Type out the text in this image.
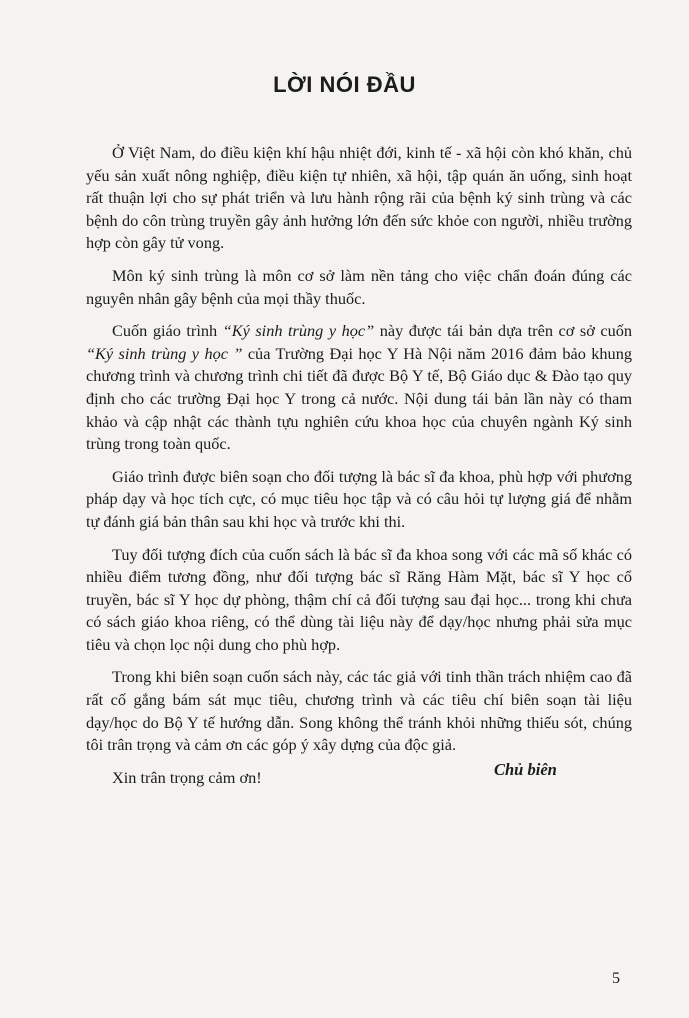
LỜI NÓI ĐẦU

Ở Việt Nam, do điều kiện khí hậu nhiệt đới, kinh tế - xã hội còn khó khăn, chủ yếu sản xuất nông nghiệp, điều kiện tự nhiên, xã hội, tập quán ăn uống, sinh hoạt rất thuận lợi cho sự phát triển và lưu hành rộng rãi của bệnh ký sinh trùng và các bệnh do côn trùng truyền gây ảnh hưởng lớn đến sức khỏe con người, nhiều trường hợp còn gây tử vong.

Môn ký sinh trùng là môn cơ sở làm nền tảng cho việc chẩn đoán đúng các nguyên nhân gây bệnh của mọi thầy thuốc.

Cuốn giáo trình “Ký sinh trùng y học” này được tái bản dựa trên cơ sở cuốn “Ký sinh trùng y học ” của Trường Đại học Y Hà Nội năm 2016 đảm bảo khung chương trình và chương trình chi tiết đã được Bộ Y tế, Bộ Giáo dục & Đào tạo quy định cho các trường Đại học Y trong cả nước. Nội dung tái bản lần này có tham khảo và cập nhật các thành tựu nghiên cứu khoa học của chuyên ngành Ký sinh trùng trong toàn quốc.

Giáo trình được biên soạn cho đối tượng là bác sĩ đa khoa, phù hợp với phương pháp dạy và học tích cực, có mục tiêu học tập và có câu hỏi tự lượng giá để nhằm tự đánh giá bản thân sau khi học và trước khi thi.

Tuy đối tượng đích của cuốn sách là bác sĩ đa khoa song với các mã số khác có nhiều điểm tương đồng, như đối tượng bác sĩ Răng Hàm Mặt, bác sĩ Y học cổ truyền, bác sĩ Y học dự phòng, thậm chí cả đối tượng sau đại học... trong khi chưa có sách giáo khoa riêng, có thể dùng tài liệu này để dạy/học nhưng phải sửa mục tiêu và chọn lọc nội dung cho phù hợp.

Trong khi biên soạn cuốn sách này, các tác giả với tinh thần trách nhiệm cao đã rất cố gắng bám sát mục tiêu, chương trình và các tiêu chí biên soạn tài liệu dạy/học do Bộ Y tế hướng dẫn. Song không thể tránh khỏi những thiếu sót, chúng tôi trân trọng và cảm ơn các góp ý xây dựng của độc giả.

Xin trân trọng cảm ơn!	Chủ biên
5
